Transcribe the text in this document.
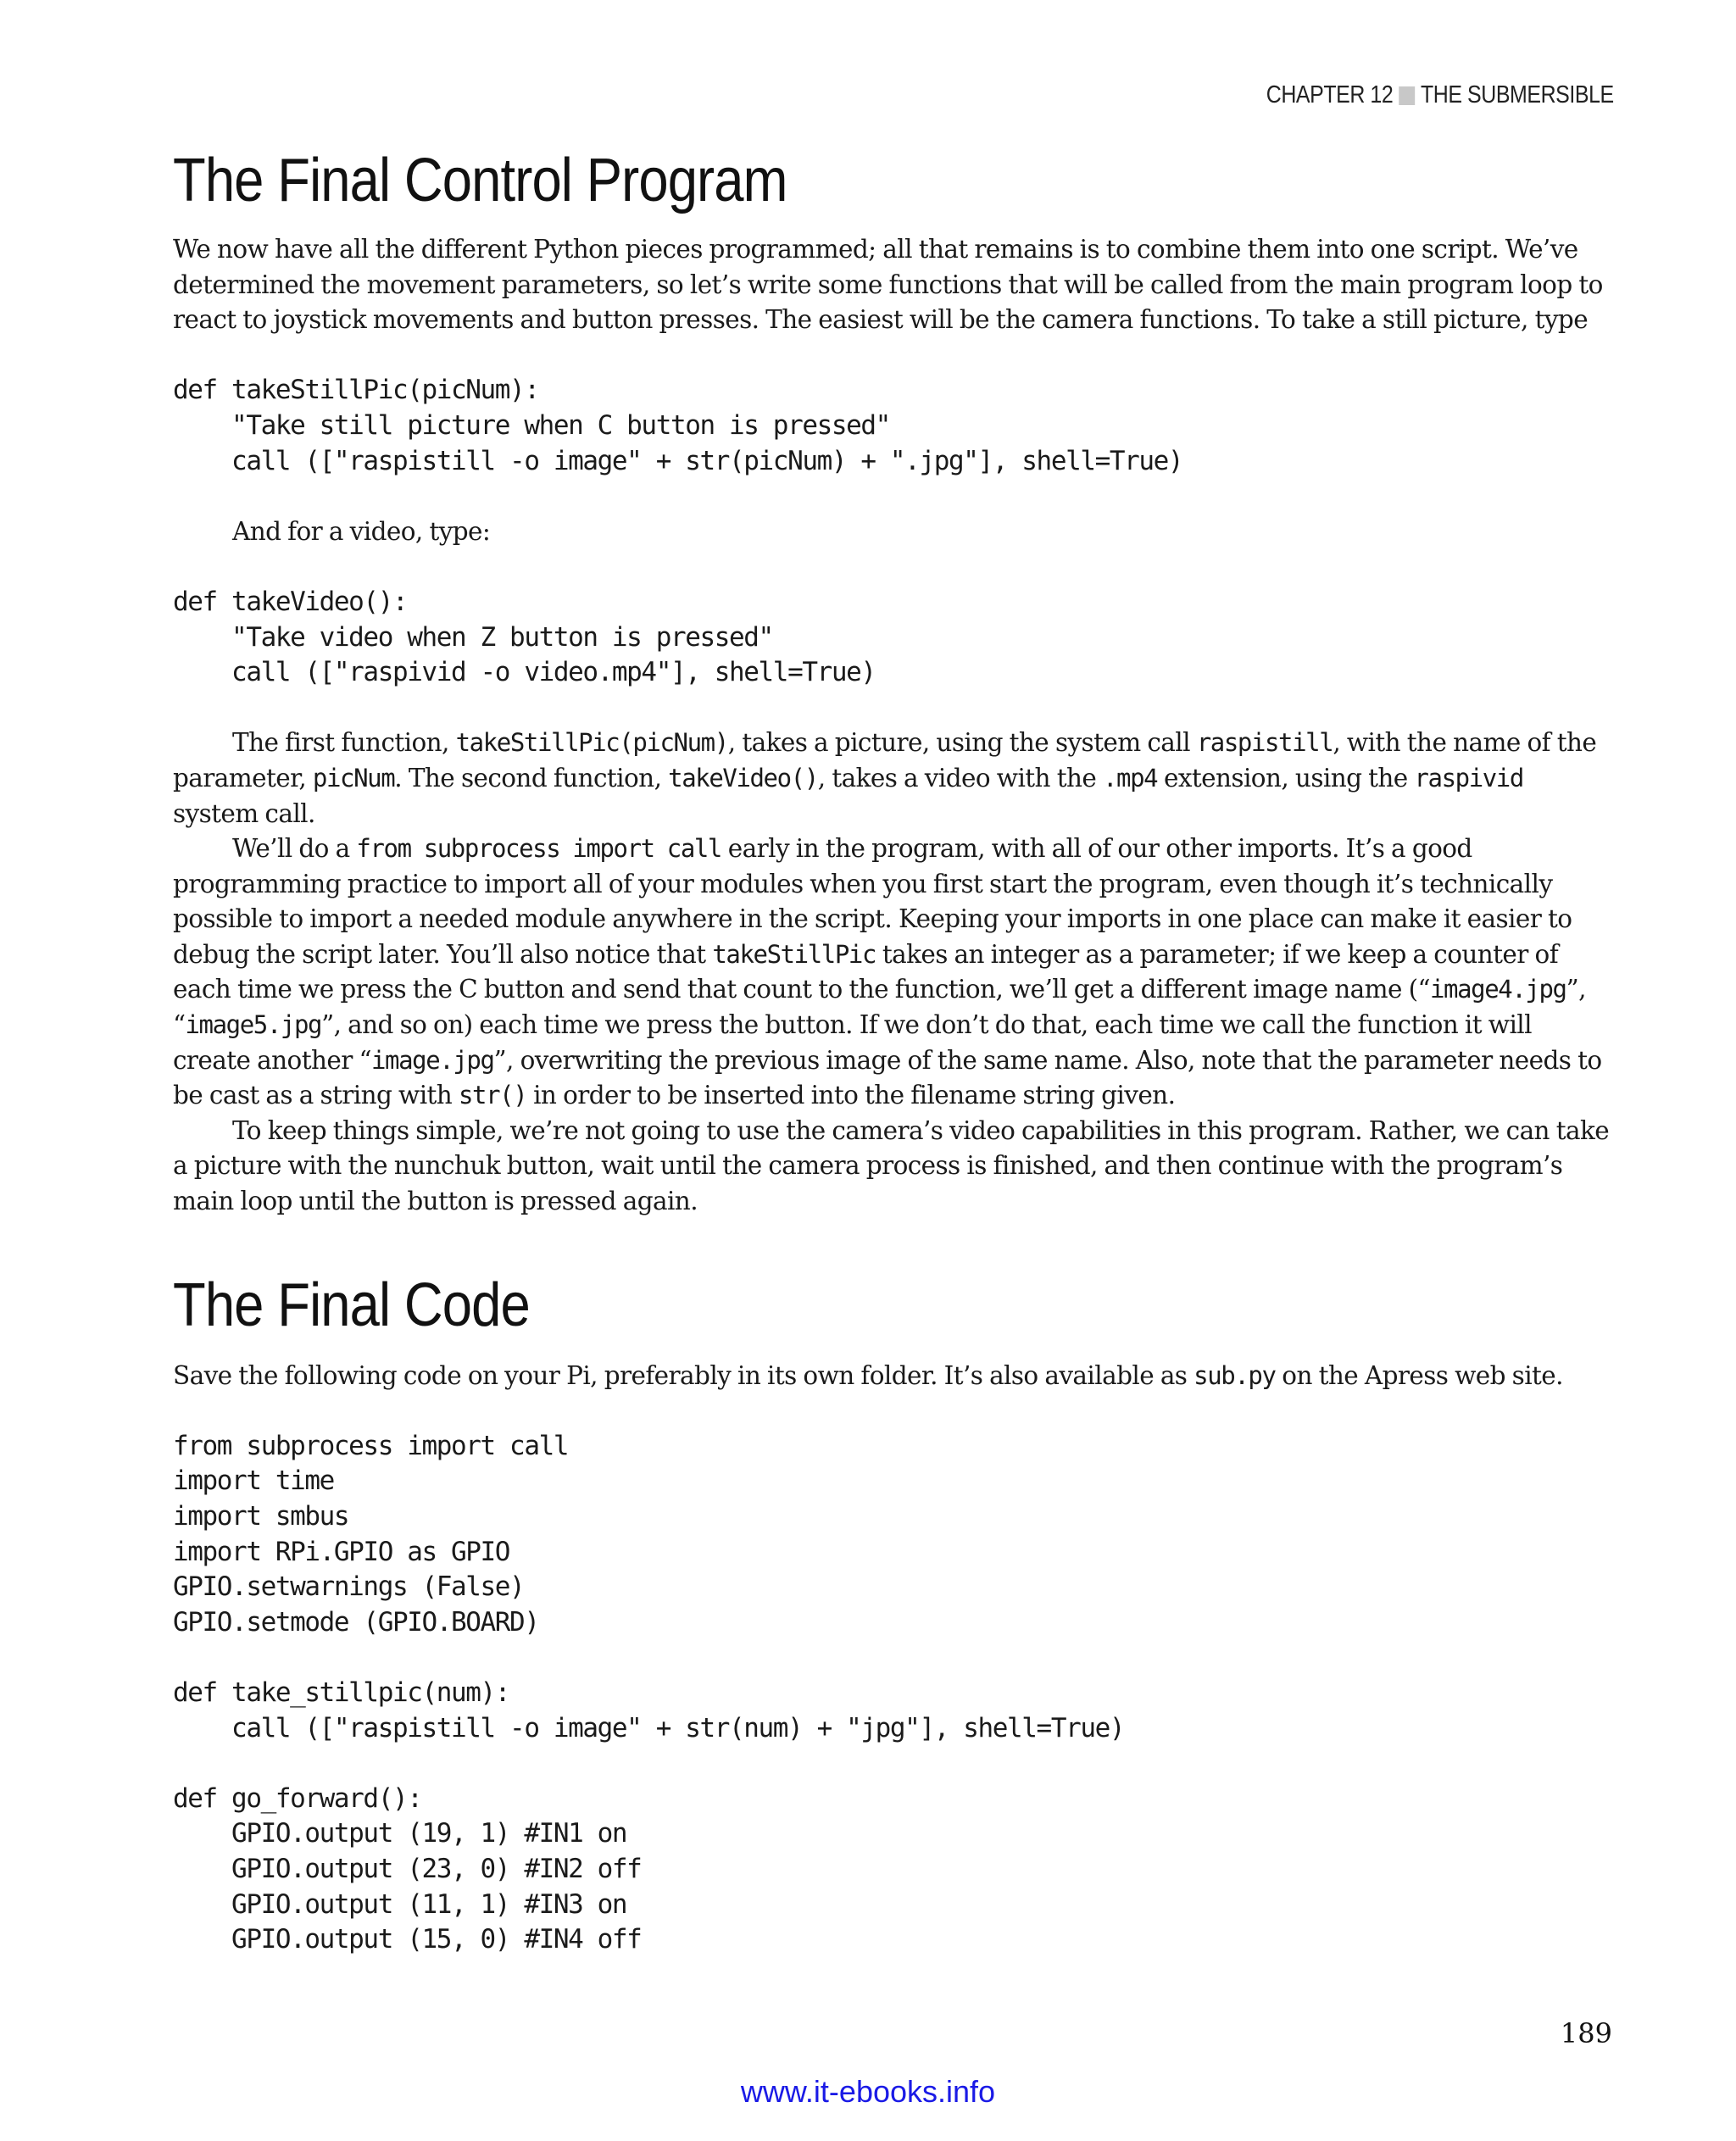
CHAPTER 12 THE SUBMERSIBLE
The Final Control Program

We now have all the different Python pieces programmed; all that remains is to combine them into one script. We’ve determined the movement parameters, so let’s write some functions that will be called from the main program loop to react to joystick movements and button presses. The easiest will be the camera functions. To take a still picture, type

def takeStillPic(picNum):
"Take still picture when C button is pressed"
call (["raspistill -o image" + str(picNum) + ".jpg"], shell=True)

And for a video, type:

def takeVideo():
"Take video when Z button is pressed"
call (["raspivid -o video.mp4"], shell=True)

The first function, takeStillPic(picNum), takes a picture, using the system call raspistill, with the name of the parameter, picNum. The second function, takeVideo(), takes a video with the .mp4 extension, using the raspivid system call.

We’ll do a from subprocess import call early in the program, with all of our other imports. It’s a good programming practice to import all of your modules when you first start the program, even though it’s technically possible to import a needed module anywhere in the script. Keeping your imports in one place can make it easier to debug the script later. You’ll also notice that takeStillPic takes an integer as a parameter; if we keep a counter of each time we press the C button and send that count to the function, we’ll get a different image name (“image4.jpg”, “image5.jpg”, and so on) each time we press the button. If we don’t do that, each time we call the function it will create another “image.jpg”, overwriting the previous image of the same name. Also, note that the parameter needs to be cast as a string with str() in order to be inserted into the filename string given.

To keep things simple, we’re not going to use the camera’s video capabilities in this program. Rather, we can take a picture with the nunchuk button, wait until the camera process is finished, and then continue with the program’s main loop until the button is pressed again.

The Final Code

Save the following code on your Pi, preferably in its own folder. It’s also available as sub.py on the Apress web site.

from subprocess import call
import time
import smbus
import RPi.GPIO as GPIO
GPIO.setwarnings (False)
GPIO.setmode (GPIO.BOARD)

def take_stillpic(num):
call (["raspistill -o image" + str(num) + "jpg"], shell=True)

def go_forward():
GPIO.output (19, 1) #IN1 on
GPIO.output (23, 0) #IN2 off
GPIO.output (11, 1) #IN3 on
GPIO.output (15, 0) #IN4 off
189
www.it-ebooks.info
